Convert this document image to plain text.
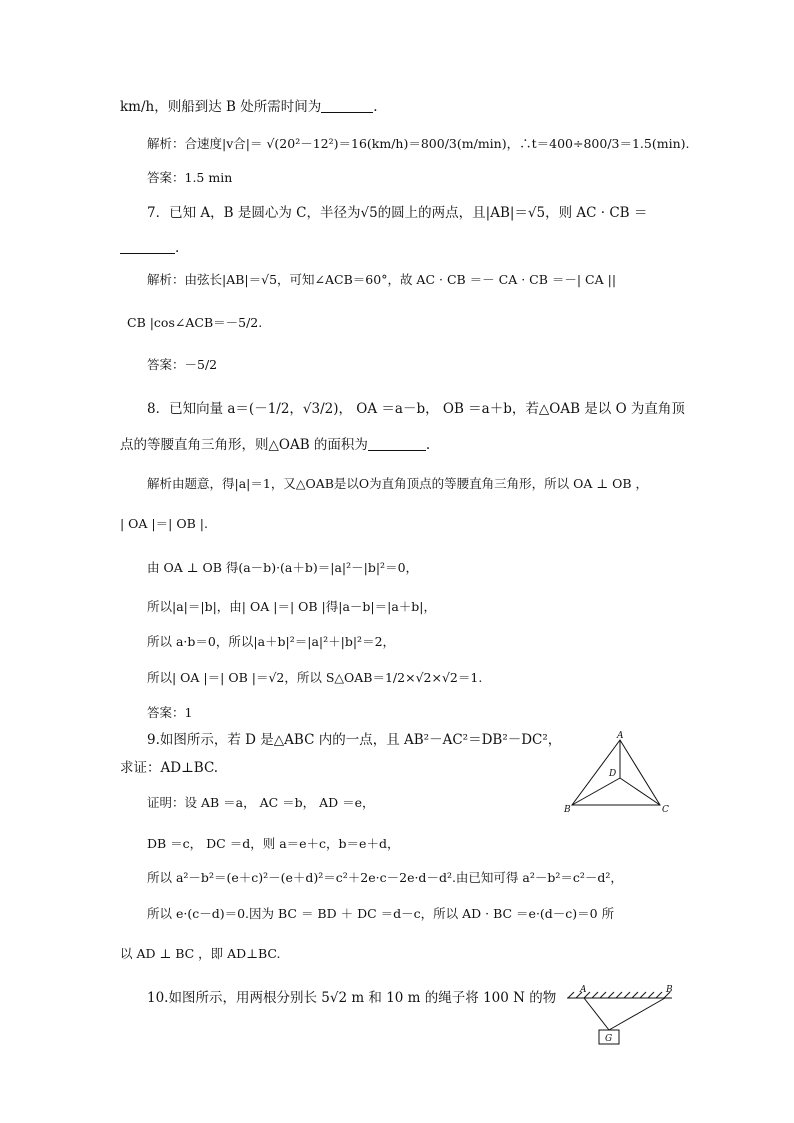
km/h，则船到达 B 处所需时间为	.
解析：合速度|v合|＝ √(20²－12²)＝16(km/h)＝800/3(m/min)，∴t＝400÷800/3＝1.5(min).
答案：1.5 min
7．已知 A，B 是圆心为 C，半径为√5的圆上的两点，且|AB|＝√5，则 AC · CB ＝
.
解析：由弦长|AB|＝√5，可知∠ACB＝60°，故 AC · CB ＝－ CA · CB ＝－| CA ||
CB |cos∠ACB＝－5/2.
答案：－5/2
8．已知向量 a＝(－1/2，√3/2)， OA ＝a－b， OB ＝a＋b，若△OAB 是以 O 为直角顶
点的等腰直角三角形，则△OAB 的面积为	.
解析由题意，得|a|＝1，又△OAB是以O为直角顶点的等腰直角三角形，所以 OA ⊥ OB ，
| OA |＝| OB |.
由 OA ⊥ OB 得(a－b)·(a＋b)＝|a|²－|b|²＝0，
所以|a|＝|b|，由| OA |＝| OB |得|a－b|＝|a＋b|，
所以 a·b＝0，所以|a＋b|²＝|a|²＋|b|²＝2，
所以| OA |＝| OB |＝√2，所以 S△OAB＝1/2×√2×√2＝1.
答案：1
9.如图所示，若 D 是△ABC 内的一点，且 AB²－AC²＝DB²－DC²，
求证：AD⊥BC.
证明：设 AB ＝a， AC ＝b， AD ＝e，
DB ＝c， DC ＝d，则 a＝e＋c，b＝e＋d，
所以 a²－b²＝(e＋c)²－(e＋d)²＝c²＋2e·c－2e·d－d².由已知可得 a²－b²＝c²－d²，
所以 e·(c－d)＝0.因为 BC ＝ BD ＋ DC ＝d－c，所以 AD · BC ＝e·(d－c)＝0 所
以 AD ⊥ BC ，即 AD⊥BC.
10.如图所示，用两根分别长 5√2 m 和 10 m 的绳子将 100 N 的物
A
B	C
D
A	B
G
